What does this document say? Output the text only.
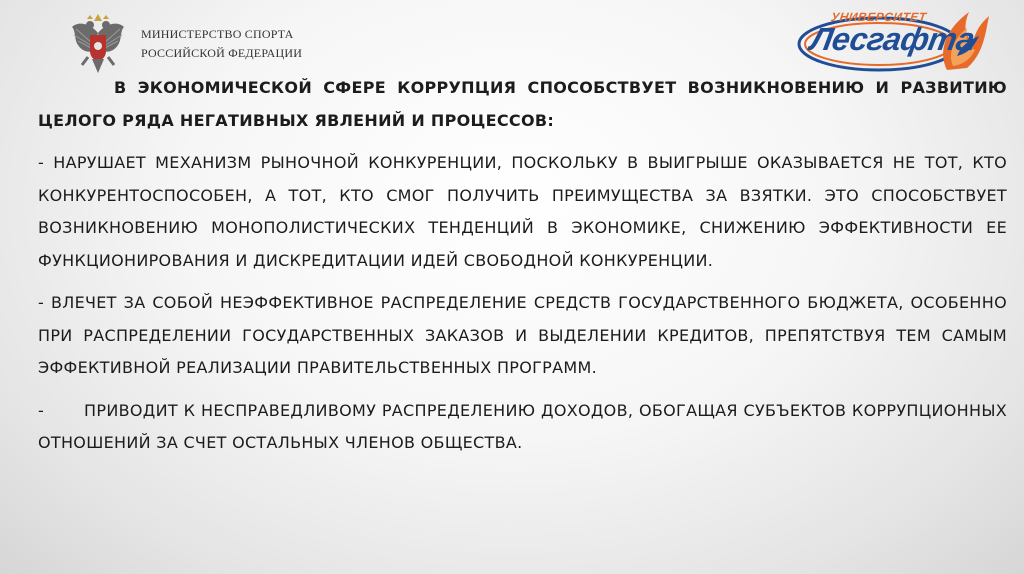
МИНИСТЕРСТВО СПОРТА
РОССИЙСКОЙ ФЕДЕРАЦИИ
УНИВЕРСИТЕТ
Лесгафта

В ЭКОНОМИЧЕСКОЙ СФЕРЕ КОРРУПЦИЯ СПОСОБСТВУЕТ ВОЗНИКНОВЕНИЮ И РАЗВИТИЮ ЦЕЛОГО РЯДА НЕГАТИВНЫХ ЯВЛЕНИЙ И ПРОЦЕССОВ:

- НАРУШАЕТ МЕХАНИЗМ РЫНОЧНОЙ КОНКУРЕНЦИИ, ПОСКОЛЬКУ В ВЫИГРЫШЕ ОКАЗЫВАЕТСЯ НЕ ТОТ, КТО КОНКУРЕНТОСПОСОБЕН, А ТОТ, КТО СМОГ ПОЛУЧИТЬ ПРЕИМУЩЕСТВА ЗА ВЗЯТКИ. ЭТО СПОСОБСТВУЕТ ВОЗНИКНОВЕНИЮ МОНОПОЛИСТИЧЕСКИХ ТЕНДЕНЦИЙ В ЭКОНОМИКЕ, СНИЖЕНИЮ ЭФФЕКТИВНОСТИ ЕЕ ФУНКЦИОНИРОВАНИЯ И ДИСКРЕДИТАЦИИ ИДЕЙ СВОБОДНОЙ КОНКУРЕНЦИИ.

- ВЛЕЧЕТ ЗА СОБОЙ НЕЭФФЕКТИВНОЕ РАСПРЕДЕЛЕНИЕ СРЕДСТВ ГОСУДАРСТВЕННОГО БЮДЖЕТА, ОСОБЕННО ПРИ РАСПРЕДЕЛЕНИИ ГОСУДАРСТВЕННЫХ ЗАКАЗОВ И ВЫДЕЛЕНИИ КРЕДИТОВ, ПРЕПЯТСТВУЯ ТЕМ САМЫМ ЭФФЕКТИВНОЙ РЕАЛИЗАЦИИ ПРАВИТЕЛЬСТВЕННЫХ ПРОГРАММ.

-       ПРИВОДИТ К НЕСПРАВЕДЛИВОМУ РАСПРЕДЕЛЕНИЮ ДОХОДОВ, ОБОГАЩАЯ СУБЪЕКТОВ КОРРУПЦИОННЫХ ОТНОШЕНИЙ ЗА СЧЕТ ОСТАЛЬНЫХ ЧЛЕНОВ ОБЩЕСТВА.
